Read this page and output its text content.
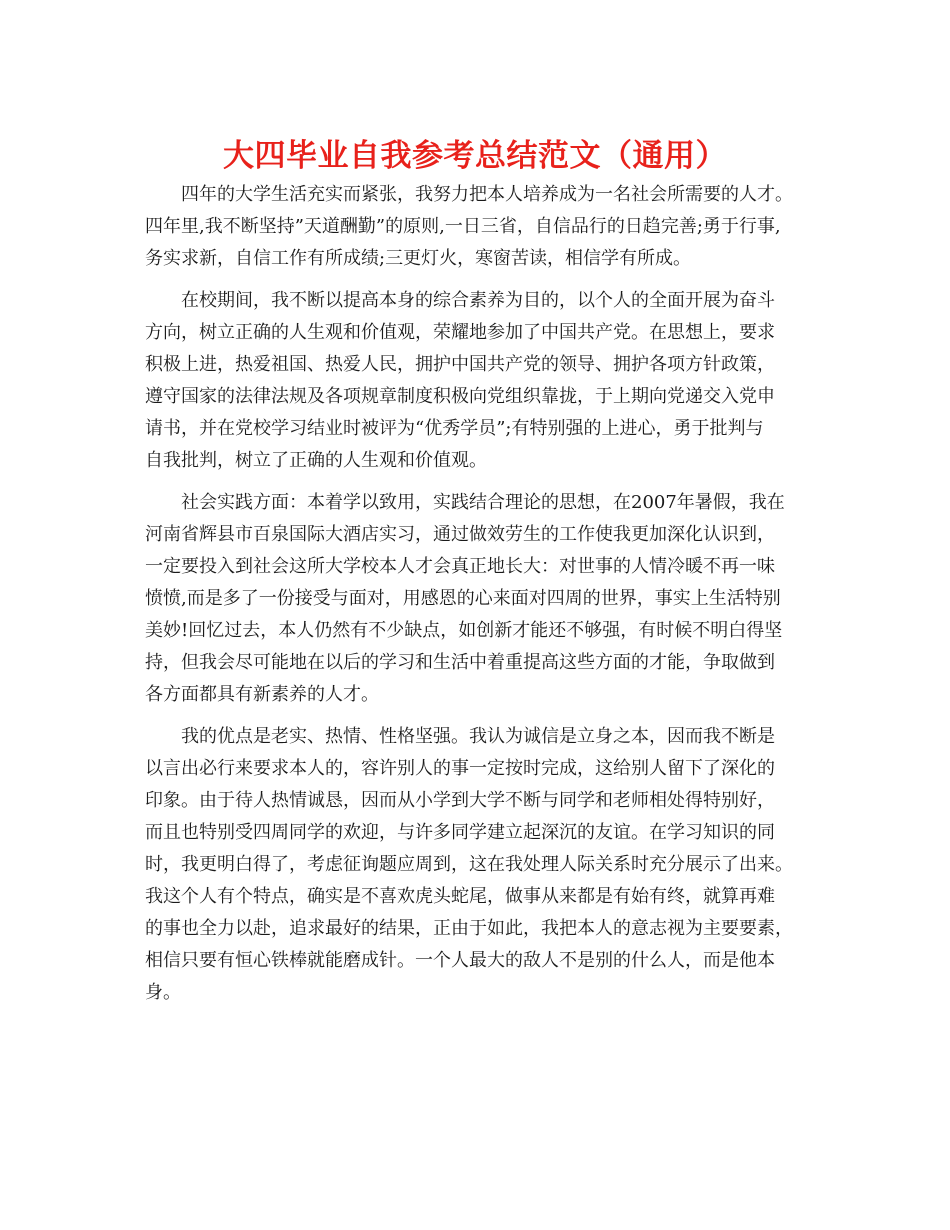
大四毕业自我参考总结范文（通用）
四年的大学生活充实而紧张，我努力把本人培养成为一名社会所需要的人才。
四年里,我不断坚持”天道酬勤”的原则,一日三省，自信品行的日趋完善;勇于行事,
务实求新，自信工作有所成绩;三更灯火，寒窗苦读，相信学有所成。
在校期间，我不断以提高本身的综合素养为目的，以个人的全面开展为奋斗
方向，树立正确的人生观和价值观，荣耀地参加了中国共产党。在思想上，要求
积极上进，热爱祖国、热爱人民，拥护中国共产党的领导、拥护各项方针政策，
遵守国家的法律法规及各项规章制度积极向党组织靠拢，于上期向党递交入党申
请书，并在党校学习结业时被评为“优秀学员”;有特别强的上进心，勇于批判与
自我批判，树立了正确的人生观和价值观。
社会实践方面：本着学以致用，实践结合理论的思想，在2007年暑假，我在
河南省辉县市百泉国际大酒店实习，通过做效劳生的工作使我更加深化认识到，
一定要投入到社会这所大学校本人才会真正地长大：对世事的人情冷暖不再一味
愤愤,而是多了一份接受与面对，用感恩的心来面对四周的世界，事实上生活特别
美妙!回忆过去，本人仍然有不少缺点，如创新才能还不够强，有时候不明白得坚
持，但我会尽可能地在以后的学习和生活中着重提高这些方面的才能，争取做到
各方面都具有新素养的人才。
我的优点是老实、热情、性格坚强。我认为诚信是立身之本，因而我不断是
以言出必行来要求本人的，容许别人的事一定按时完成，这给别人留下了深化的
印象。由于待人热情诚恳，因而从小学到大学不断与同学和老师相处得特别好，
而且也特别受四周同学的欢迎，与许多同学建立起深沉的友谊。在学习知识的同
时，我更明白得了，考虑征询题应周到，这在我处理人际关系时充分展示了出来。
我这个人有个特点，确实是不喜欢虎头蛇尾，做事从来都是有始有终，就算再难
的事也全力以赴，追求最好的结果，正由于如此，我把本人的意志视为主要要素，
相信只要有恒心铁棒就能磨成针。一个人最大的敌人不是别的什么人，而是他本
身。
